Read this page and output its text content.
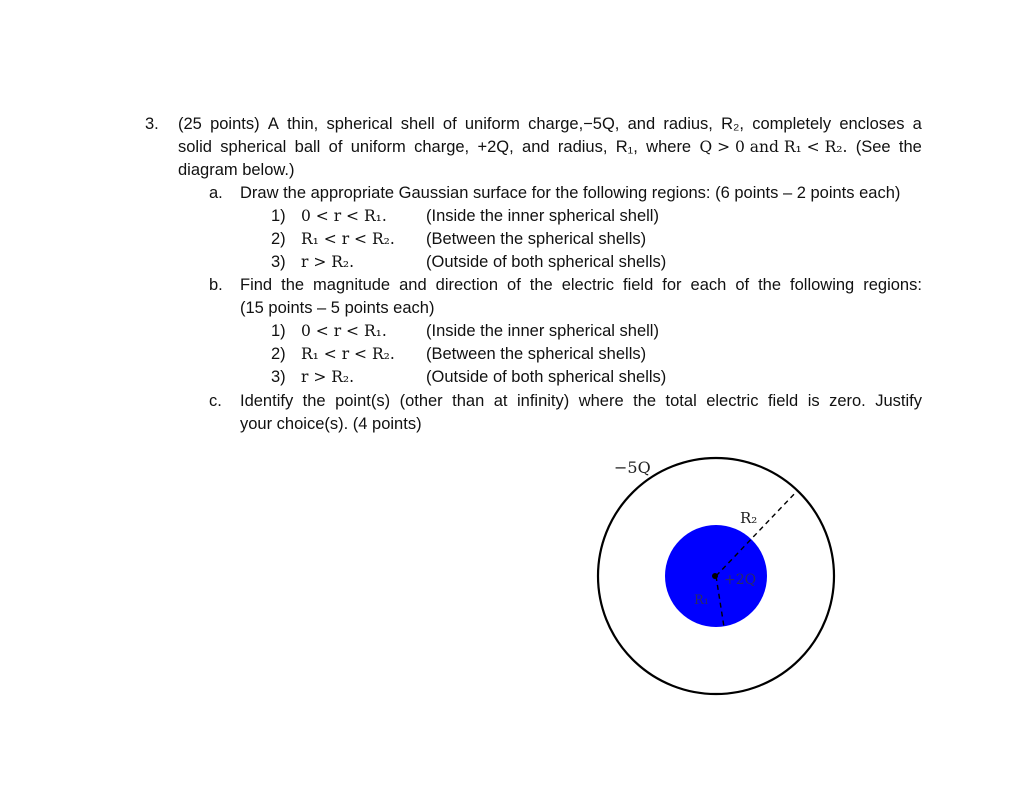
3. (25 points) A thin, spherical shell of uniform charge,−5Q, and radius, R₂, completely encloses a
solid spherical ball of uniform charge, +2Q, and radius, R₁, where Q > 0 and R₁ < R₂. (See the
diagram below.)
a. Draw the appropriate Gaussian surface for the following regions: (6 points – 2 points each)
1) 0 < r < R₁. (Inside the inner spherical shell)
2) R₁ < r < R₂. (Between the spherical shells)
3) r > R₂.	(Outside of both spherical shells)
b. Find the magnitude and direction of the electric field for each of the following regions:
(15 points – 5 points each)
1) 0 < r < R₁. (Inside the inner spherical shell)
2) R₁ < r < R₂. (Between the spherical shells)
3) r > R₂.	(Outside of both spherical shells)
c. Identify the point(s) (other than at infinity) where the total electric field is zero. Justify
your choice(s). (4 points)
−5Q
R₂
+2Q
R₁
